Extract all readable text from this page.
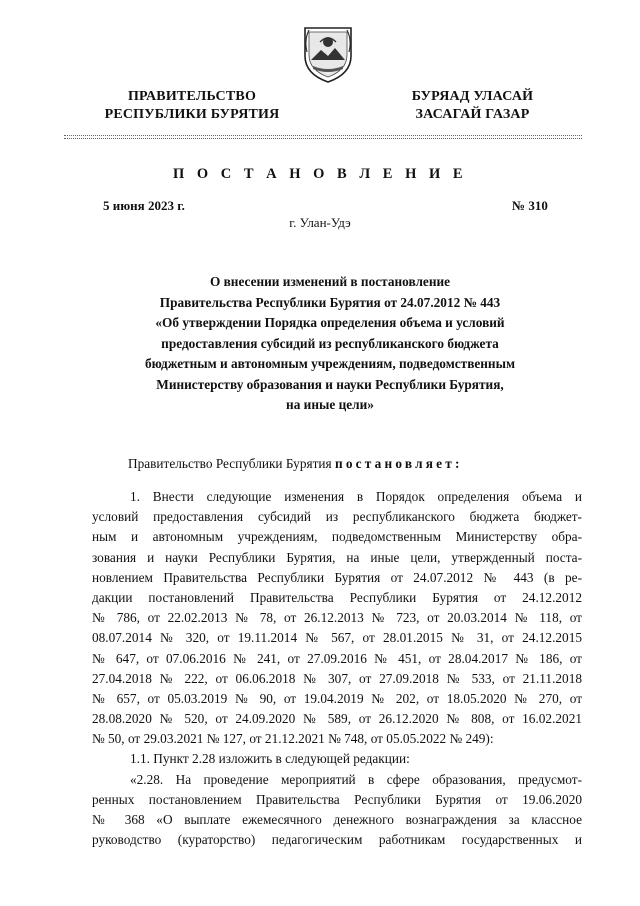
ПРАВИТЕЛЬСТВО
РЕСПУБЛИКИ БУРЯТИЯ
БУРЯАД УЛАСАЙ
ЗАСАГАЙ ГАЗАР
П О С Т А Н О В Л Е Н И Е
5 июня 2023 г.	№ 310
г. Улан-Удэ
О внесении изменений в постановление
Правительства Республики Бурятия от 24.07.2012 № 443
«Об утверждении Порядка определения объема и условий
предоставления субсидий из республиканского бюджета
бюджетным и автономным учреждениям, подведомственным
Министерству образования и науки Республики Бурятия,
на иные цели»
Правительство Республики Бурятия постановляет:
1. Внести следующие изменения в Порядок определения объема и
условий предоставления субсидий из республиканского бюджета бюджет-
ным и автономным учреждениям, подведомственным Министерству обра-
зования и науки Республики Бурятия, на иные цели, утвержденный поста-
новлением Правительства Республики Бурятия от 24.07.2012 № 443 (в ре-
дакции постановлений Правительства Республики Бурятия от 24.12.2012
№ 786, от 22.02.2013 № 78, от 26.12.2013 № 723, от 20.03.2014 № 118, от
08.07.2014 № 320, от 19.11.2014 № 567, от 28.01.2015 № 31, от 24.12.2015
№ 647, от 07.06.2016 № 241, от 27.09.2016 № 451, от 28.04.2017 № 186, от
27.04.2018 № 222, от 06.06.2018 № 307, от 27.09.2018 № 533, от 21.11.2018
№ 657, от 05.03.2019 № 90, от 19.04.2019 № 202, от 18.05.2020 № 270, от
28.08.2020 № 520, от 24.09.2020 № 589, от 26.12.2020 № 808, от 16.02.2021
№ 50, от 29.03.2021 № 127, от 21.12.2021 № 748, от 05.05.2022 № 249):
1.1. Пункт 2.28 изложить в следующей редакции:
«2.28. На проведение мероприятий в сфере образования, предусмот-
ренных постановлением Правительства Республики Бурятия от 19.06.2020
№ 368 «О выплате ежемесячного денежного вознаграждения за классное
руководство (кураторство) педагогическим работникам государственных и
